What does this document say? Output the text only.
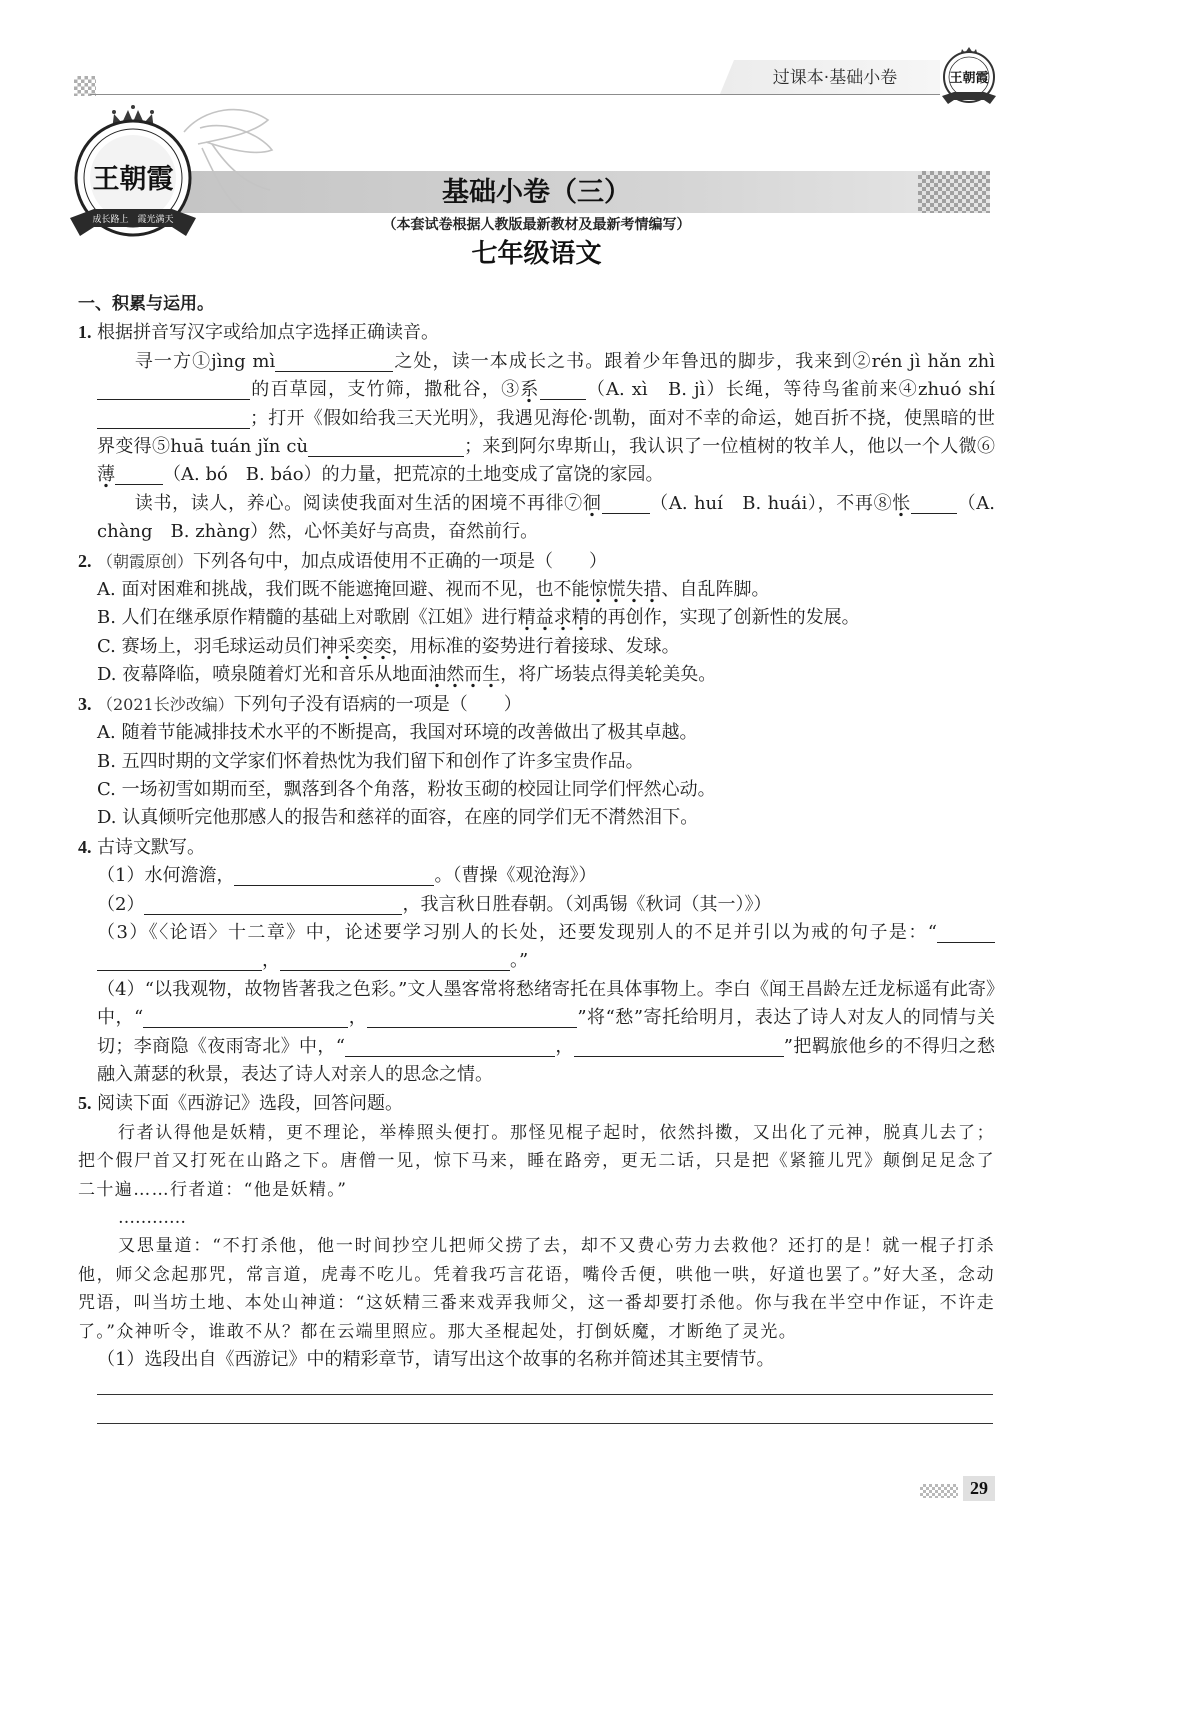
过课本·基础小卷	王朝霞
王朝霞
成长路上　霞光满天
基础小卷（三）
（本套试卷根据人教版最新教材及最新考情编写）
七年级语文
一、积累与运用。
1. 根据拼音写汉字或给加点字选择正确读音。
寻一方①jìng mì	之处，读一本成长之书。跟着少年鲁迅的脚步，我来到②rén jì hǎn zhì的百草园，支竹筛，撒秕谷，③系	（A. xì　B. jì）长绳，等待鸟雀前来④zhuó shí；打开《假如给我三天光明》，我遇见海伦·凯勒，面对不幸的命运，她百折不挠，使黑暗的世界变得⑤huā tuán jǐn cù	；来到阿尔卑斯山，我认识了一位植树的牧羊人，他以一个人微⑥薄	（A. bó　B. báo）的力量，把荒凉的土地变成了富饶的家园。
读书，读人，养心。阅读使我面对生活的困境不再徘⑦徊	（A. huí　B. huái），不再⑧怅	（A. chàng　B. zhàng）然，心怀美好与高贵，奋然前行。
2. （朝霞原创）下列各句中，加点成语使用不正确的一项是（　　）
A. 面对困难和挑战，我们既不能遮掩回避、视而不见，也不能惊慌失措、自乱阵脚。
B. 人们在继承原作精髓的基础上对歌剧《江姐》进行精益求精的再创作，实现了创新性的发展。
C. 赛场上，羽毛球运动员们神采奕奕，用标准的姿势进行着接球、发球。
D. 夜幕降临，喷泉随着灯光和音乐从地面油然而生，将广场装点得美轮美奂。
3. （2021长沙改编）下列句子没有语病的一项是（　　）
A. 随着节能减排技术水平的不断提高，我国对环境的改善做出了极其卓越。
B. 五四时期的文学家们怀着热忱为我们留下和创作了许多宝贵作品。
C. 一场初雪如期而至，飘落到各个角落，粉妆玉砌的校园让同学们怦然心动。
D. 认真倾听完他那感人的报告和慈祥的面容，在座的同学们无不潸然泪下。
4. 古诗文默写。
（1）水何澹澹，	。（曹操《观沧海》）
（2）	，我言秋日胜春朝。（刘禹锡《秋词（其一）》）
（3）《〈论语〉十二章》中，论述要学习别人的长处，还要发现别人的不足并引以为戒的句子是：“，	。”
（4）“以我观物，故物皆著我之色彩。”文人墨客常将愁绪寄托在具体事物上。李白《闻王昌龄左迁龙标遥有此寄》中，“	，	”将“愁”寄托给明月，表达了诗人对友人的同情与关切；李商隐《夜雨寄北》中，“	，	”把羁旅他乡的不得归之愁融入萧瑟的秋景，表达了诗人对亲人的思念之情。
5. 阅读下面《西游记》选段，回答问题。
行者认得他是妖精，更不理论，举棒照头便打。那怪见棍子起时，依然抖擞，又出化了元神，脱真儿去了；把个假尸首又打死在山路之下。唐僧一见，惊下马来，睡在路旁，更无二话，只是把《紧箍儿咒》颠倒足足念了二十遍……行者道：“他是妖精。”
…………
又思量道：“不打杀他，他一时间抄空儿把师父捞了去，却不又费心劳力去救他？还打的是！就一棍子打杀他，师父念起那咒，常言道，虎毒不吃儿。凭着我巧言花语，嘴伶舌便，哄他一哄，好道也罢了。”好大圣，念动咒语，叫当坊土地、本处山神道：“这妖精三番来戏弄我师父，这一番却要打杀他。你与我在半空中作证，不许走了。”众神听令，谁敢不从？都在云端里照应。那大圣棍起处，打倒妖魔，才断绝了灵光。
（1）选段出自《西游记》中的精彩章节，请写出这个故事的名称并简述其主要情节。
29
